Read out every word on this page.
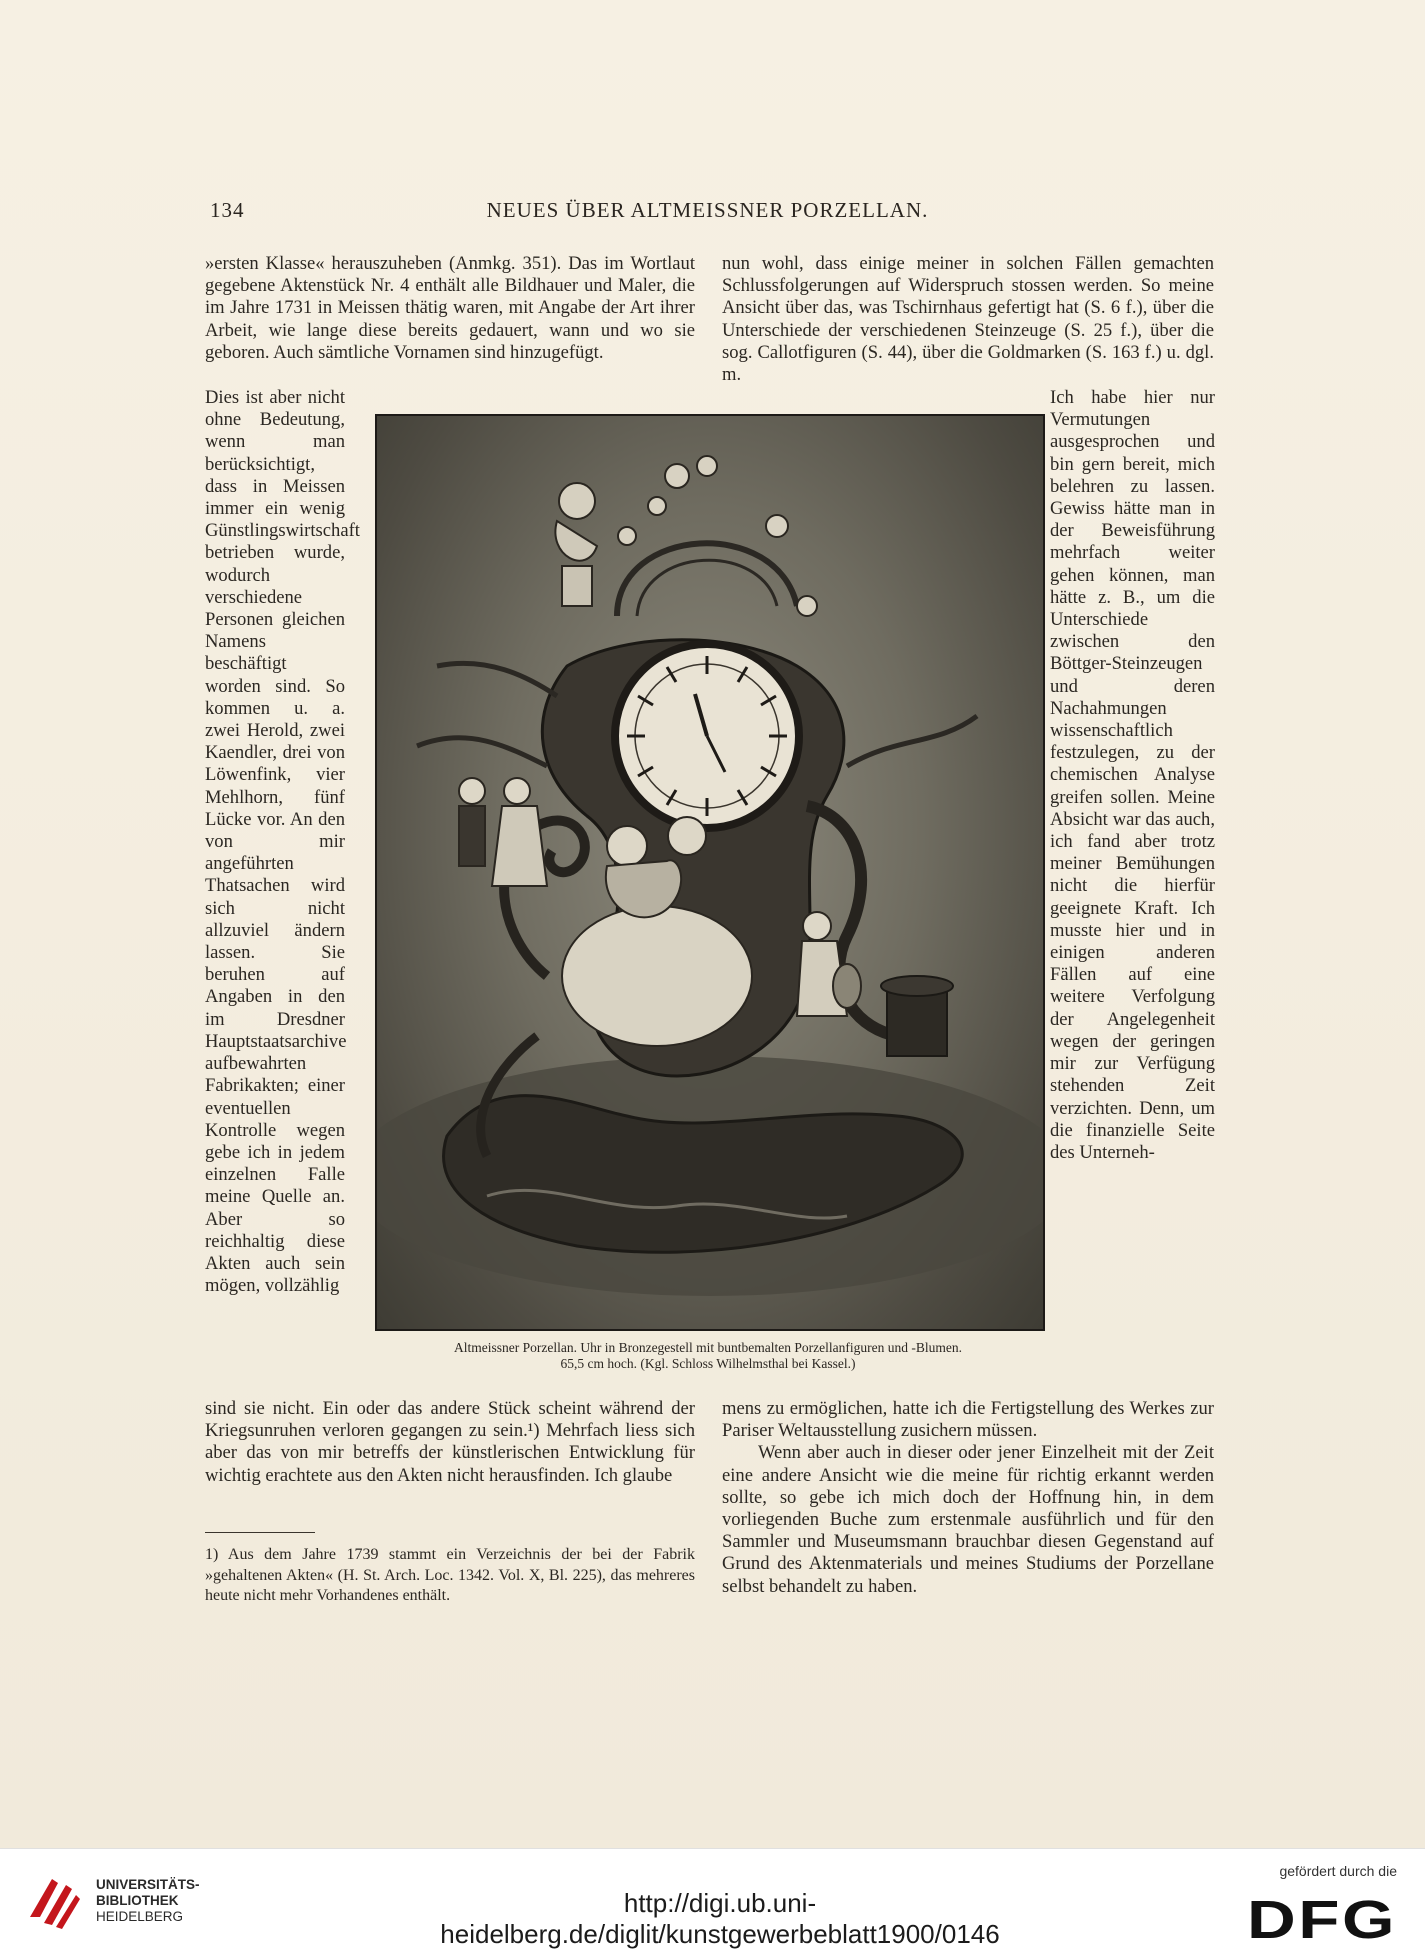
134	NEUES ÜBER ALTMEISSNER PORZELLAN.

»ersten Klasse« herauszuheben (Anmkg. 351). Das im Wortlaut gegebene Aktenstück Nr. 4 enthält alle Bildhauer und Maler, die im Jahre 1731 in Meissen thätig waren, mit Angabe der Art ihrer Arbeit, wie lange diese bereits gedauert, wann und wo sie geboren. Auch sämtliche Vornamen sind hinzugefügt.

nun wohl, dass einige meiner in solchen Fällen gemachten Schlussfolgerungen auf Widerspruch stossen werden. So meine Ansicht über das, was Tschirnhaus gefertigt hat (S. 6 f.), über die Unterschiede der verschiedenen Steinzeuge (S. 25 f.), über die sog. Callotfiguren (S. 44), über die Goldmarken (S. 163 f.) u. dgl. m.

Dies ist aber nicht ohne Bedeutung, wenn man berücksichtigt, dass in Meissen immer ein wenig Günstlingswirtschaft betrieben wurde, wodurch verschiedene Personen gleichen Namens beschäftigt worden sind. So kommen u. a. zwei Herold, zwei Kaendler, drei von Löwenfink, vier Mehlhorn, fünf Lücke vor. An den von mir angeführten Thatsachen wird sich nicht allzuviel ändern lassen. Sie beruhen auf Angaben in den im Dresdner Hauptstaatsarchive aufbewahrten Fabrikakten; einer eventuellen Kontrolle wegen gebe ich in jedem einzelnen Falle meine Quelle an. Aber so reichhaltig diese Akten auch sein mögen, vollzählig

Ich habe hier nur Vermutungen ausgesprochen und bin gern bereit, mich belehren zu lassen. Gewiss hätte man in der Beweisführung mehrfach weiter gehen können, man hätte z. B., um die Unterschiede zwischen den Böttger-Steinzeugen und deren Nachahmungen wissenschaftlich festzulegen, zu der chemischen Analyse greifen sollen. Meine Absicht war das auch, ich fand aber trotz meiner Bemühungen nicht die hierfür geeignete Kraft. Ich musste hier und in einigen anderen Fällen auf eine weitere Verfolgung der Angelegenheit wegen der geringen mir zur Verfügung stehenden Zeit verzichten. Denn, um die finanzielle Seite des Unterneh-

Altmeissner Porzellan. Uhr in Bronzegestell mit buntbemalten Porzellanfiguren und -Blumen.
65,5 cm hoch. (Kgl. Schloss Wilhelmsthal bei Kassel.)

sind sie nicht. Ein oder das andere Stück scheint während der Kriegsunruhen verloren gegangen zu sein.¹) Mehrfach liess sich aber das von mir betreffs der künstlerischen Entwicklung für wichtig erachtete aus den Akten nicht herausfinden. Ich glaube

mens zu ermöglichen, hatte ich die Fertigstellung des Werkes zur Pariser Weltausstellung zusichern müssen.

Wenn aber auch in dieser oder jener Einzelheit mit der Zeit eine andere Ansicht wie die meine für richtig erkannt werden sollte, so gebe ich mich doch der Hoffnung hin, in dem vorliegenden Buche zum erstenmale ausführlich und für den Sammler und Museumsmann brauchbar diesen Gegenstand auf Grund des Aktenmaterials und meines Studiums der Porzellane selbst behandelt zu haben.

1) Aus dem Jahre 1739 stammt ein Verzeichnis der bei der Fabrik »gehaltenen Akten« (H. St. Arch. Loc. 1342. Vol. X, Bl. 225), das mehreres heute nicht mehr Vorhandenes enthält.
UNIVERSITÄTS-
BIBLIOTHEK
HEIDELBERG	http://digi.ub.uni-heidelberg.de/diglit/kunstgewerbeblatt1900/0146
gefördert durch die
DFG
